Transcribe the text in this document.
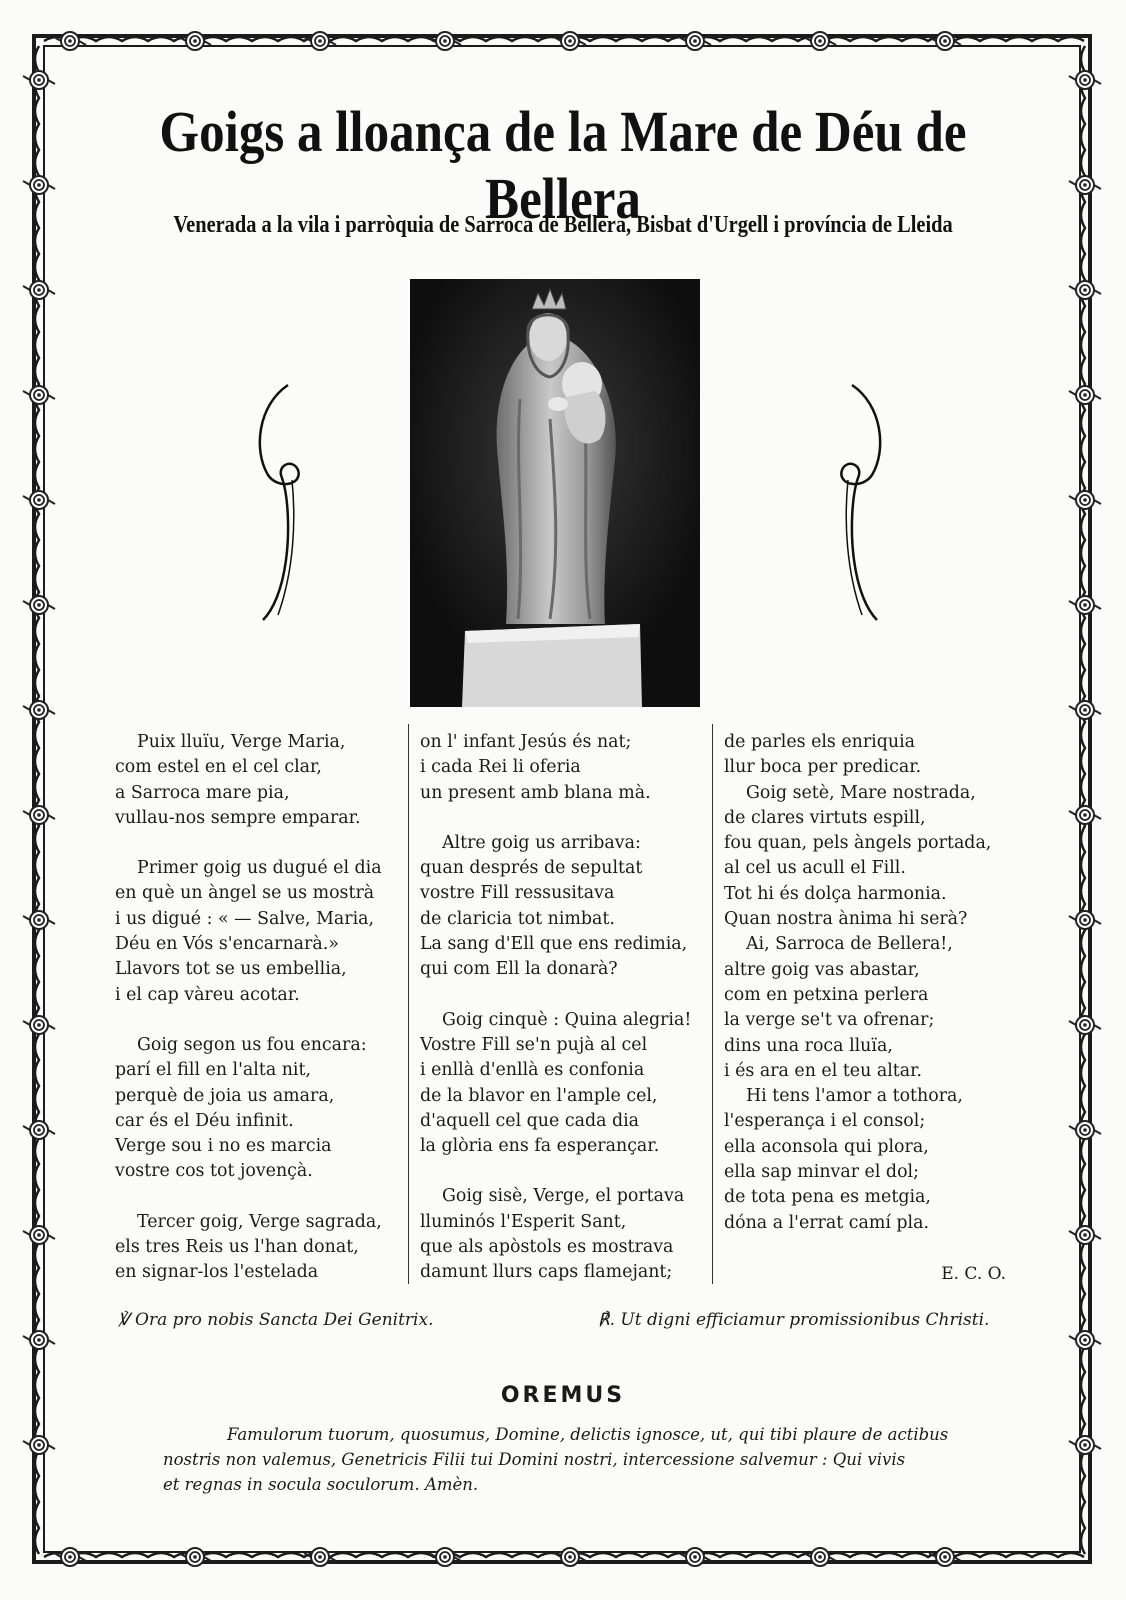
Goigs a lloança de la Mare de Déu de Bellera
Venerada a la vila i parròquia de Sarroca de Bellera, Bisbat d'Urgell i província de Lleida

Puix lluïu, Verge Maria,

com estel en el cel clar,

a Sarroca mare pia,

vullau-nos sempre emparar.

Primer goig us dugué el dia

en què un àngel se us mostrà

i us digué : « — Salve, Maria,

Déu en Vós s'encarnarà.»

Llavors tot se us embellia,

i el cap vàreu acotar.

Goig segon us fou encara:

parí el fill en l'alta nit,

perquè de joia us amara,

car és el Déu infinit.

Verge sou i no es marcia

vostre cos tot jovençà.

Tercer goig, Verge sagrada,

els tres Reis us l'han donat,

en signar-los l'estelada

on l' infant Jesús és nat;

i cada Rei li oferia

un present amb blana mà.

Altre goig us arribava:

quan després de sepultat

vostre Fill ressusitava

de claricia tot nimbat.

La sang d'Ell que ens redimia,

qui com Ell la donarà?

Goig cinquè : Quina alegria!

Vostre Fill se'n pujà al cel

i enllà d'enllà es confonia

de la blavor en l'ample cel,

d'aquell cel que cada dia

la glòria ens fa esperançar.

Goig sisè, Verge, el portava

lluminós l'Esperit Sant,

que als apòstols es mostrava

damunt llurs caps flamejant;

de parles els enriquia

llur boca per predicar.

Goig setè, Mare nostrada,

de clares virtuts espill,

fou quan, pels àngels portada,

al cel us acull el Fill.

Tot hi és dolça harmonia.

Quan nostra ànima hi serà?

Ai, Sarroca de Bellera!,

altre goig vas abastar,

com en petxina perlera

la verge se't va ofrenar;

dins una roca lluïa,

i és ara en el teu altar.

Hi tens l'amor a tothora,

l'esperança i el consol;

ella aconsola qui plora,

ella sap minvar el dol;

de tota pena es metgia,

dóna a l'errat camí pla.

E. C. O.
℣ Ora pro nobis Sancta Dei Genitrix.	℟. Ut digni efficiamur promissionibus Christi.
OREMUS

Famulorum tuorum, quosumus, Domine, delictis ignosce, ut, qui tibi plaure de actibus

nostris non valemus, Genetricis Filii tui Domini nostri, intercessione salvemur : Qui vivis

et regnas in socula soculorum. Amèn.
